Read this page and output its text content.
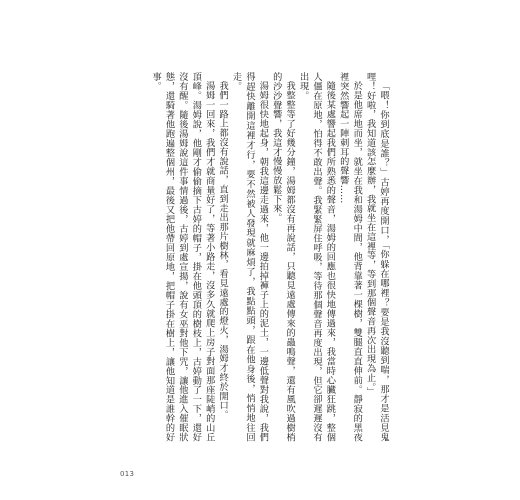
「喂！你到底是誰？」古婷再度開口，「你躲在哪裡？要是我沒聽到喘，那才是活見鬼哩！好啦，我知道該怎麼辦，我就坐在這裡等，等到那個聲音再次出現為止。」

於是他席地而坐，就坐在我和湯姆中間，他背靠著一棵樹，雙腿直直伸前。靜寂的黑夜裡突然響起一陣刺耳的聲響……

隨後某處響起我們所熟悉的聲音，湯姆的回應也很快地傳過來，我當時心臟狂跳，整個人僵在原地，怕得不敢出聲。我緊緊屏住呼吸，等待那個聲音再度出現，但它卻遲遲沒有出現。

我整整等了好幾分鐘，湯姆都沒有再說話，只聽見遠處傳來的蟲鳴聲，還有風吹過樹梢的沙沙聲響，我這才慢慢放鬆下來。

湯姆很快地起身，朝我這邊走過來，他一邊拍掉褲子上的泥土，一邊低聲對我說，我們得趕快離開這裡才行，要不然被人發現就麻煩了，我點點頭，跟在他身後，悄悄地往回走。

我們一路上都沒有說話，直到走出那片樹林，看見遠處的燈火，湯姆才終於開口。

湯姆一回來，我們才就商量好了，等著小路走，沒多久就爬上房子對面那座陡峭的山丘頂峰。湯姆說，他剛才偷偷摘下古婷的帽子，掛在他頭頂的樹枝上，古婷動了一下，還好沒有醒。隨後湯姆說這件事情過後，古婷到處宣揚，說有女巫對他下咒，讓他進入催眠狀態，還騎著他跑遍整個州，最後又把他帶回原地，把帽子掛在樹上，讓他知道是誰幹的好事。

013
